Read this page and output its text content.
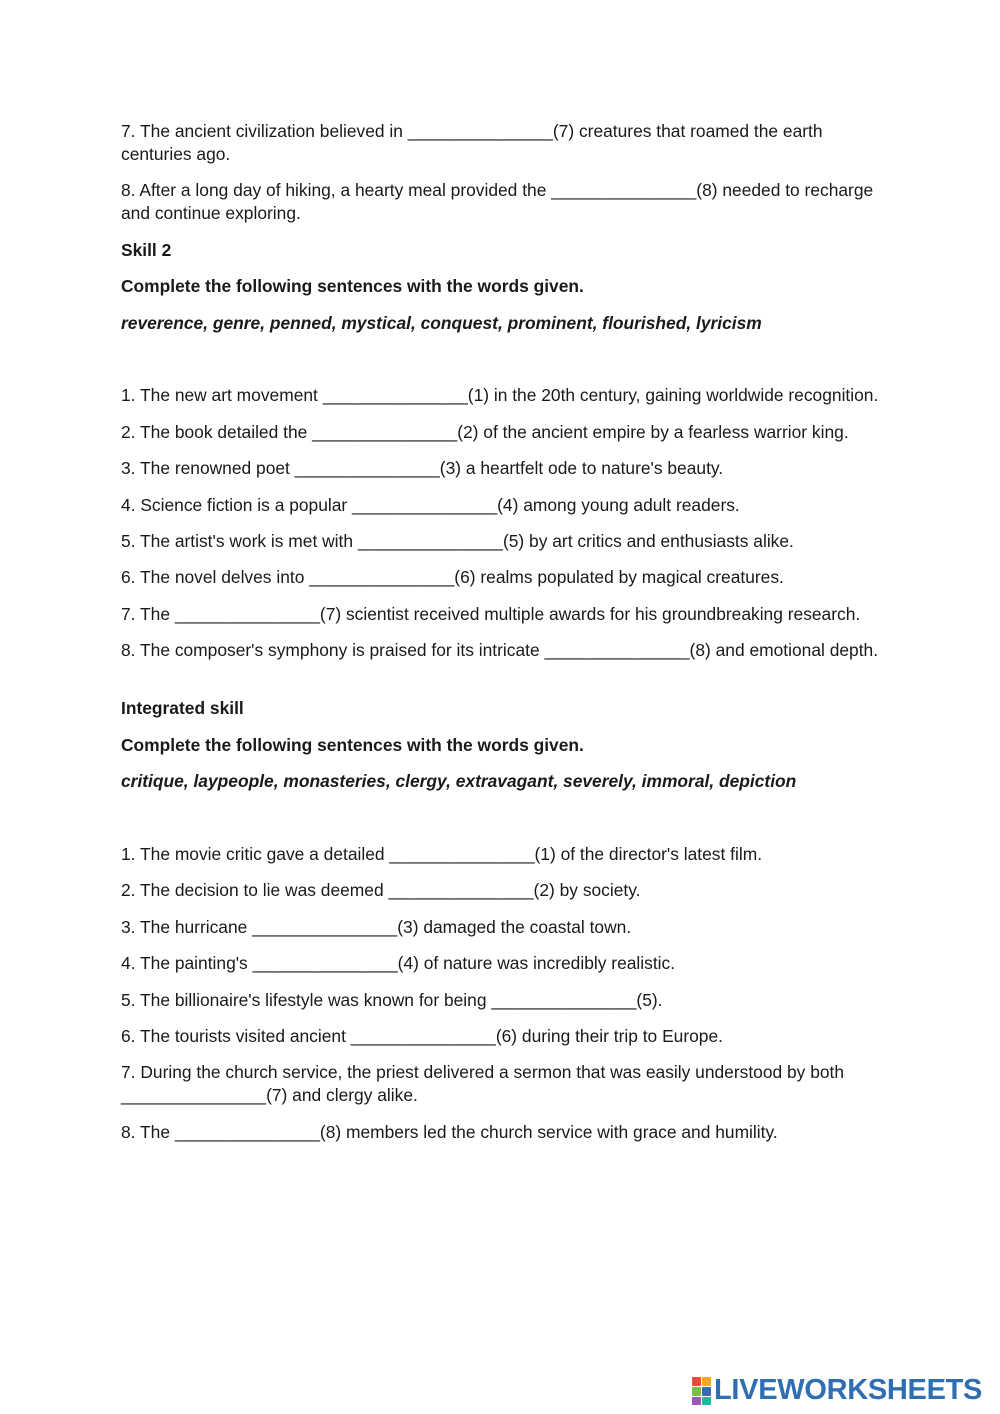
7. The ancient civilization believed in _______________(7) creatures that roamed the earth centuries ago.

8. After a long day of hiking, a hearty meal provided the _______________(8) needed to recharge and continue exploring.

Skill 2

Complete the following sentences with the words given.

reverence, genre, penned, mystical, conquest, prominent, flourished, lyricism

1. The new art movement _______________(1) in the 20th century, gaining worldwide recognition.

2. The book detailed the _______________(2) of the ancient empire by a fearless warrior king.

3. The renowned poet _______________(3) a heartfelt ode to nature's beauty.

4. Science fiction is a popular _______________(4) among young adult readers.

5. The artist's work is met with _______________(5) by art critics and enthusiasts alike.

6. The novel delves into _______________(6) realms populated by magical creatures.

7. The _______________(7) scientist received multiple awards for his groundbreaking research.

8. The composer's symphony is praised for its intricate _______________(8) and emotional depth.

Integrated skill

Complete the following sentences with the words given.

critique, laypeople, monasteries, clergy, extravagant, severely, immoral, depiction

1. The movie critic gave a detailed _______________(1) of the director's latest film.

2. The decision to lie was deemed _______________(2) by society.

3. The hurricane _______________(3) damaged the coastal town.

4. The painting's _______________(4) of nature was incredibly realistic.

5. The billionaire's lifestyle was known for being _______________(5).

6. The tourists visited ancient _______________(6) during their trip to Europe.

7. During the church service, the priest delivered a sermon that was easily understood by both _______________(7) and clergy alike.

8. The _______________(8) members led the church service with grace and humility.

LIVEWORKSHEETS
